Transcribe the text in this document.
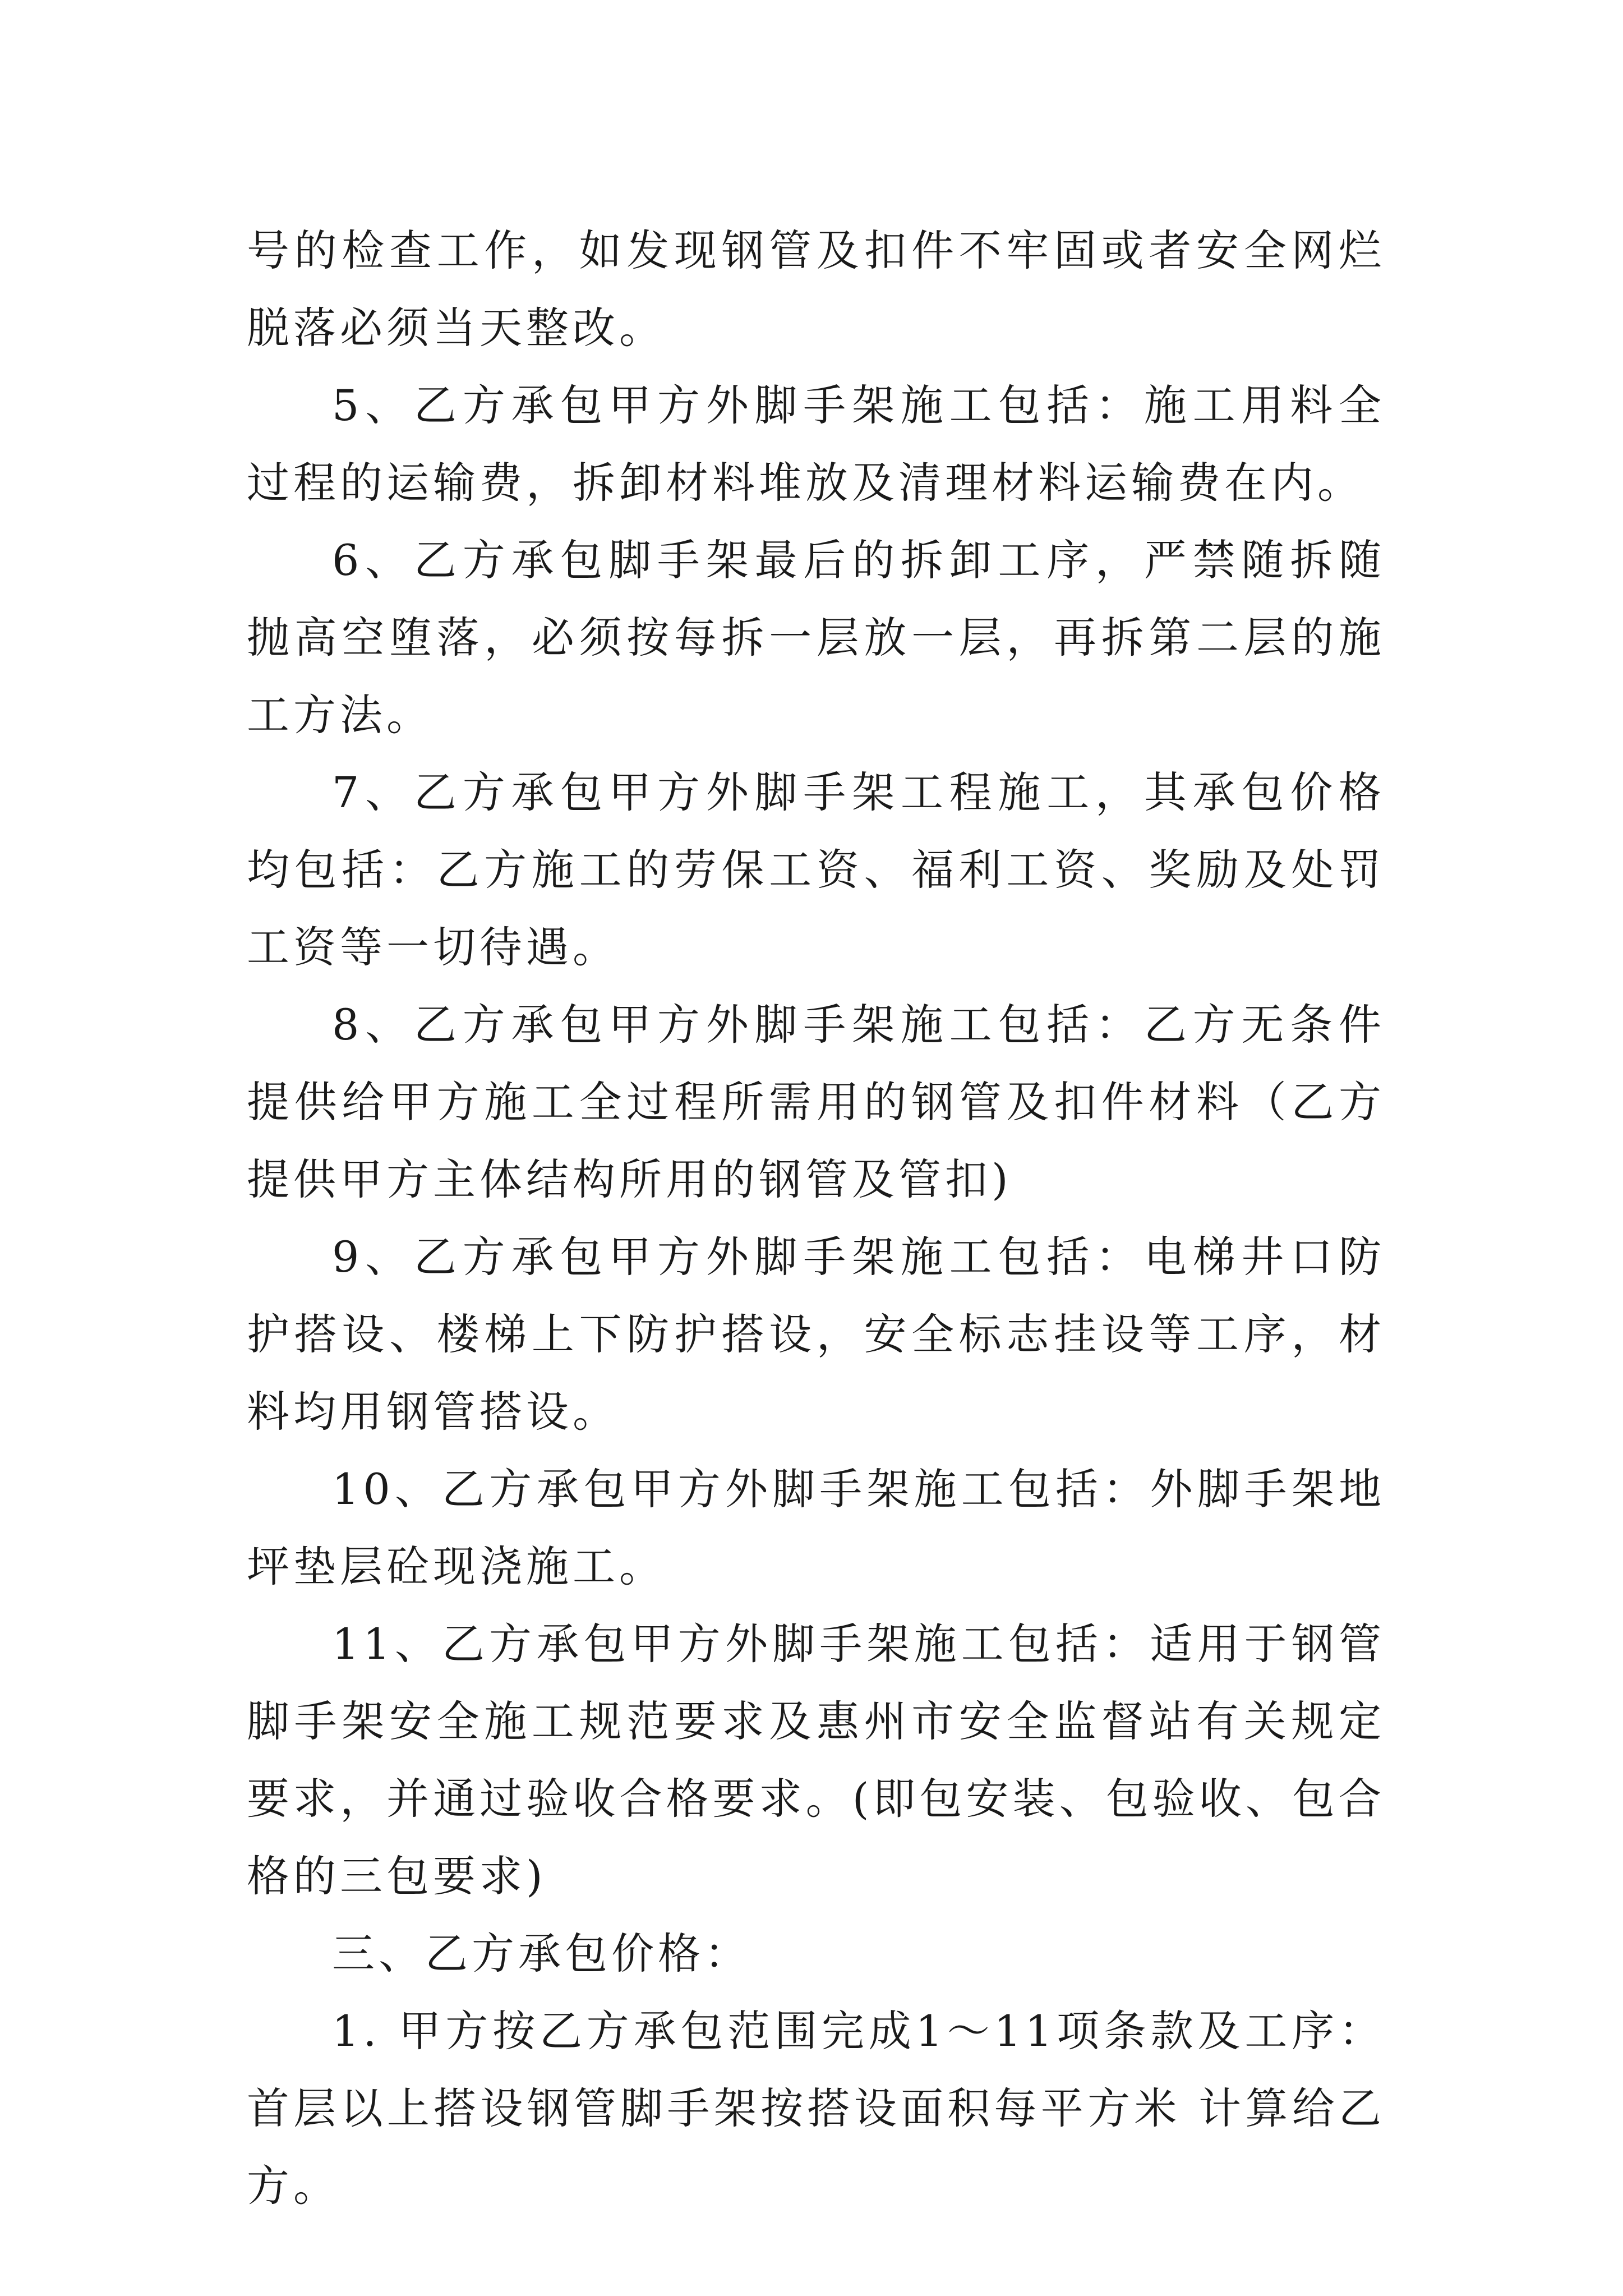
号的检查工作，如发现钢管及扣件不牢固或者安全网烂脱落必须当天整改。

5、乙方承包甲方外脚手架施工包括：施工用料全过程的运输费，拆卸材料堆放及清理材料运输费在内。

6、乙方承包脚手架最后的拆卸工序，严禁随拆随抛高空堕落，必须按每拆一层放一层，再拆第二层的施工方法。

7、乙方承包甲方外脚手架工程施工，其承包价格均包括：乙方施工的劳保工资、福利工资、奖励及处罚工资等一切待遇。

8、乙方承包甲方外脚手架施工包括：乙方无条件提供给甲方施工全过程所需用的钢管及扣件材料（乙方提供甲方主体结构所用的钢管及管扣)

9、乙方承包甲方外脚手架施工包括：电梯井口防护搭设、楼梯上下防护搭设，安全标志挂设等工序，材料均用钢管搭设。

10、乙方承包甲方外脚手架施工包括：外脚手架地坪垫层砼现浇施工。

11、乙方承包甲方外脚手架施工包括：适用于钢管脚手架安全施工规范要求及惠州市安全监督站有关规定要求，并通过验收合格要求。(即包安装、包验收、包合格的三包要求)

三、乙方承包价格：

1. 甲方按乙方承包范围完成1～11项条款及工序：首层以上搭设钢管脚手架按搭设面积每平方米 计算给乙方。
